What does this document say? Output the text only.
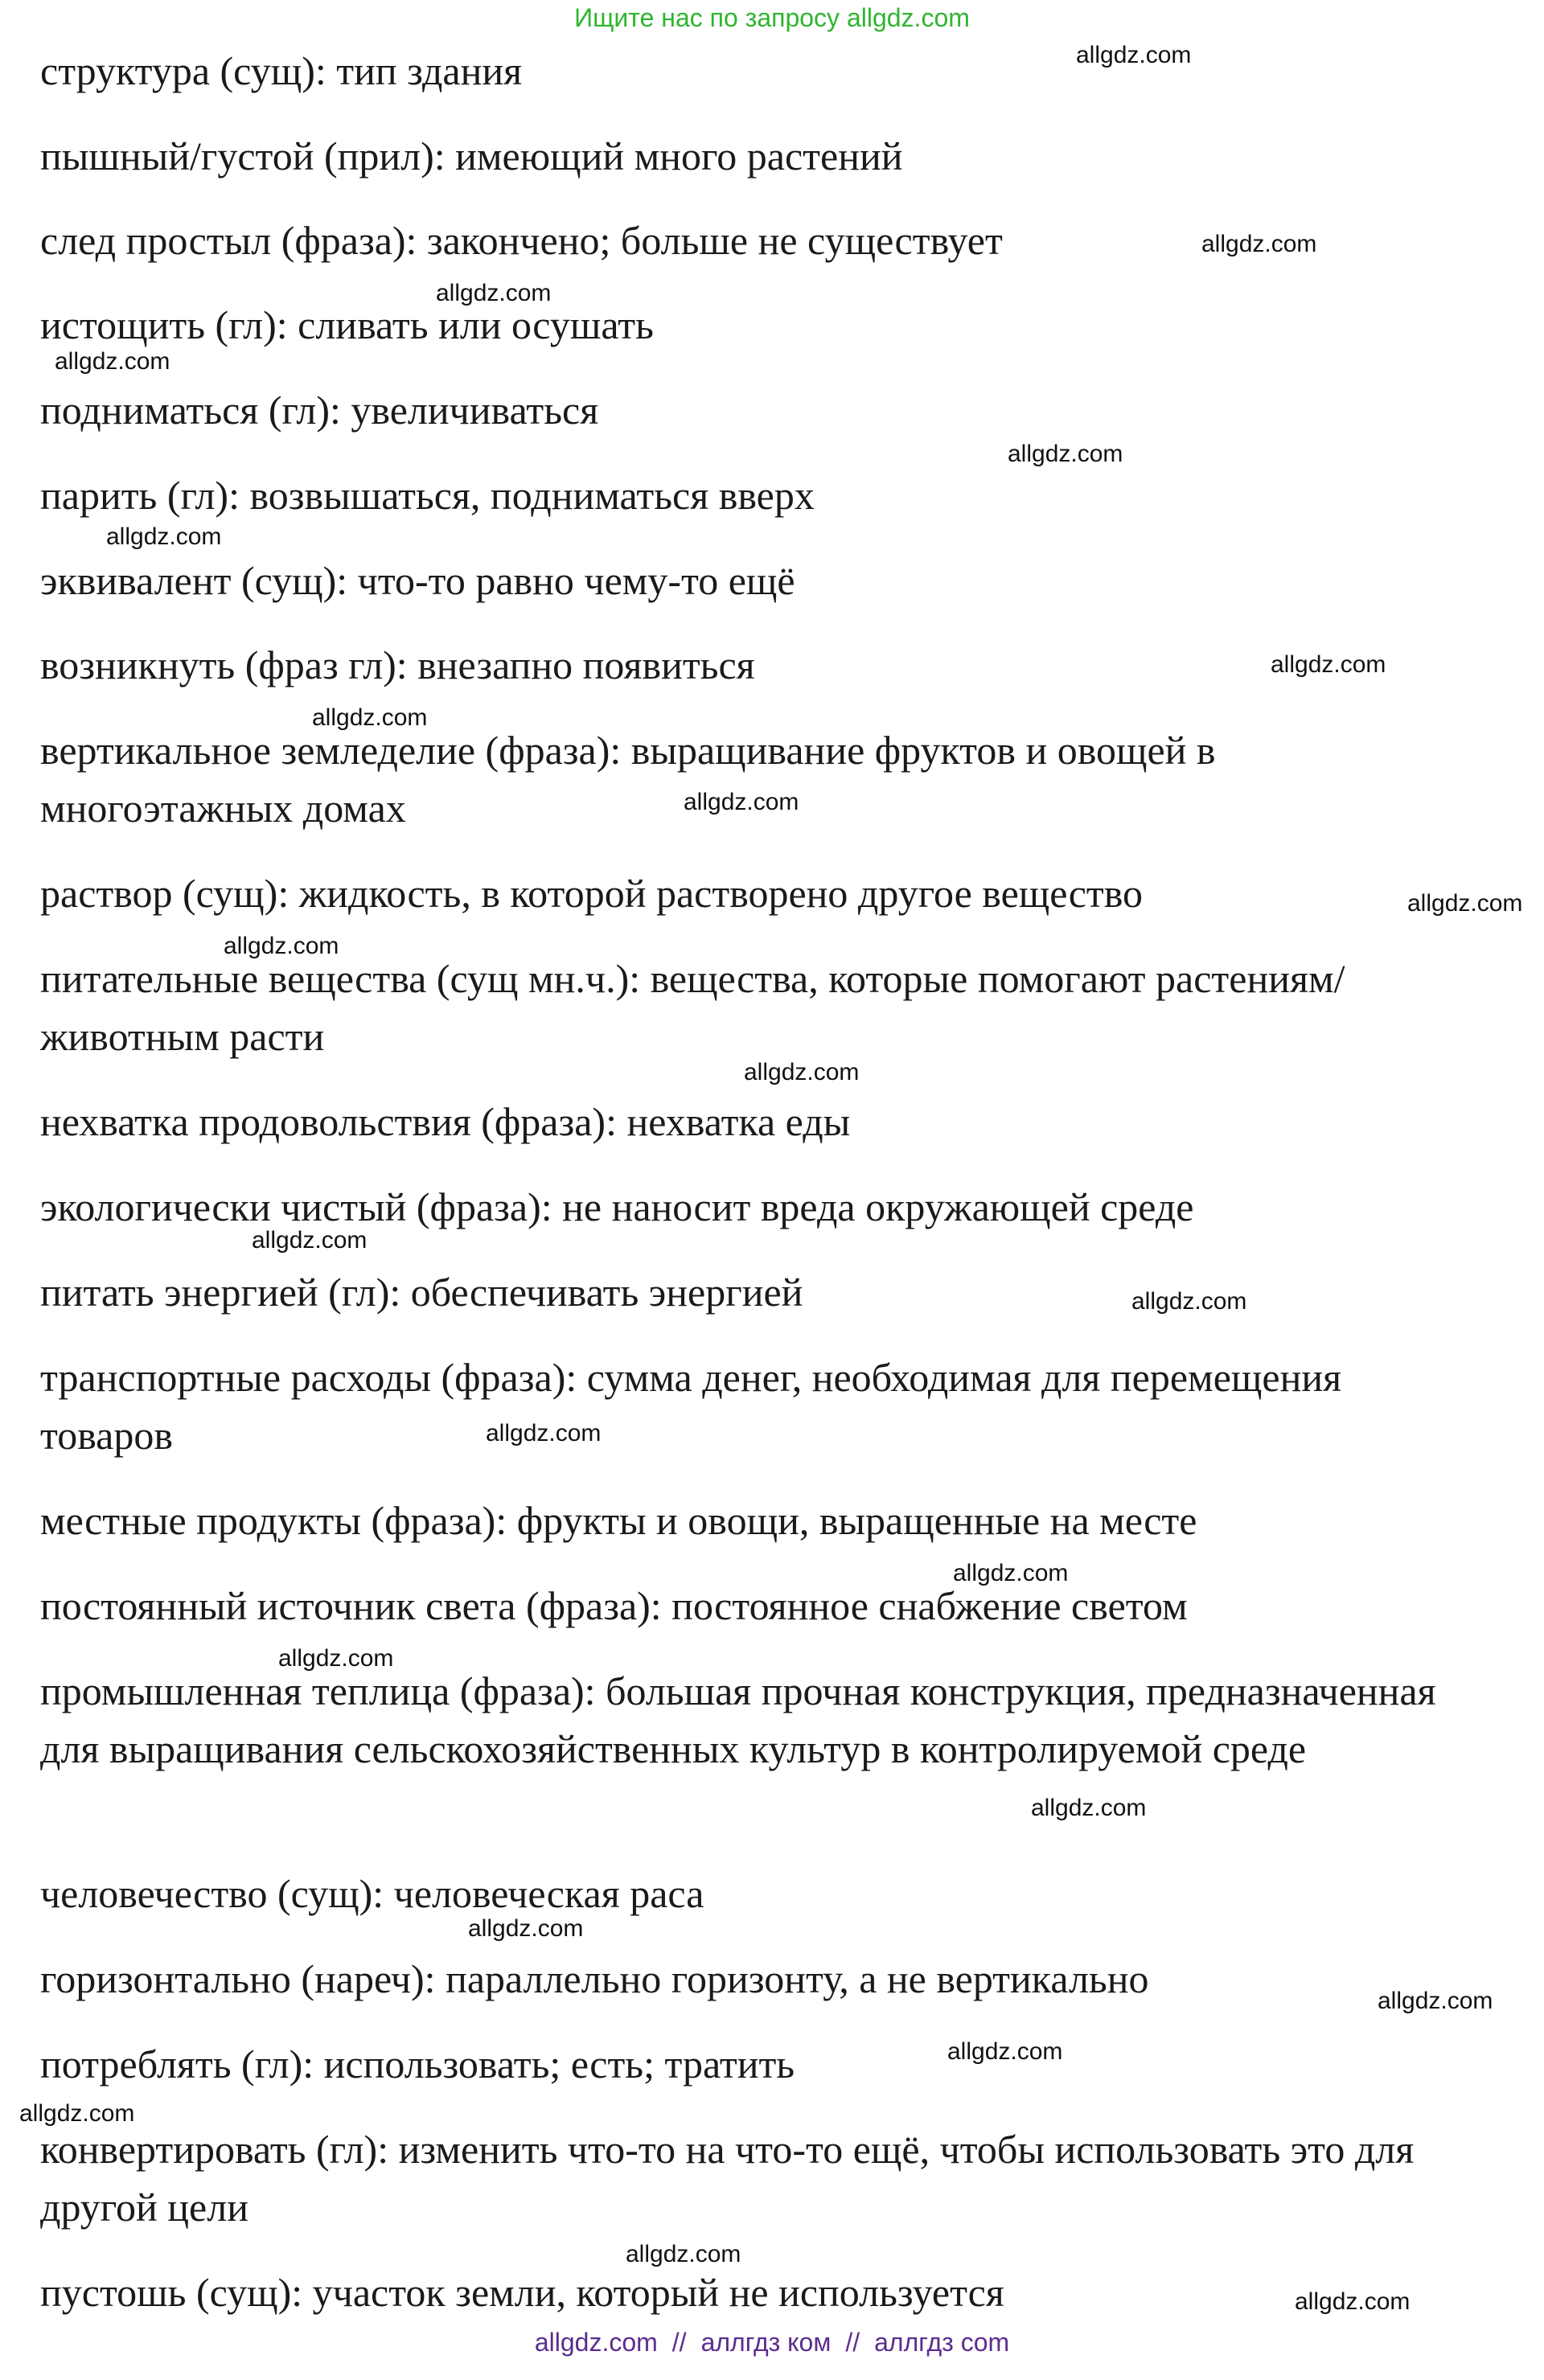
Ищите нас по запросу allgdz.com

структура (сущ): тип здания

пышный/густой (прил): имеющий много растений

след простыл (фраза): закончено; больше не существует

истощить (гл): сливать или осушать

подниматься (гл): увеличиваться

парить (гл): возвышаться, подниматься вверх

эквивалент (сущ): что-то равно чему-то ещё

возникнуть (фраз гл): внезапно появиться

вертикальное земледелие (фраза): выращивание фруктов и овощей в многоэтажных домах

раствор (сущ): жидкость, в которой растворено другое вещество

питательные вещества (сущ мн.ч.): вещества, которые помогают растениям/животным расти

нехватка продовольствия (фраза): нехватка еды

экологически чистый (фраза): не наносит вреда окружающей среде

питать энергией (гл): обеспечивать энергией

транспортные расходы (фраза): сумма денег, необходимая для перемещения товаров

местные продукты (фраза): фрукты и овощи, выращенные на месте

постоянный источник света (фраза): постоянное снабжение светом

промышленная теплица (фраза): большая прочная конструкция, предназначенная для выращивания сельскохозяйственных культур в контролируемой среде

человечество (сущ): человеческая раса

горизонтально (нареч): параллельно горизонту, а не вертикально

потреблять (гл): использовать; есть; тратить

конвертировать (гл): изменить что-то на что-то ещё, чтобы использовать это для другой цели

пустошь (сущ): участок земли, который не используется

allgdz.com
allgdz.com
allgdz.com
allgdz.com
allgdz.com
allgdz.com
allgdz.com
allgdz.com
allgdz.com
allgdz.com
allgdz.com
allgdz.com
allgdz.com
allgdz.com
allgdz.com
allgdz.com
allgdz.com
allgdz.com
allgdz.com
allgdz.com
allgdz.com
allgdz.com
allgdz.com
allgdz.com
allgdz.com // аллгдз ком // аллгдз com
